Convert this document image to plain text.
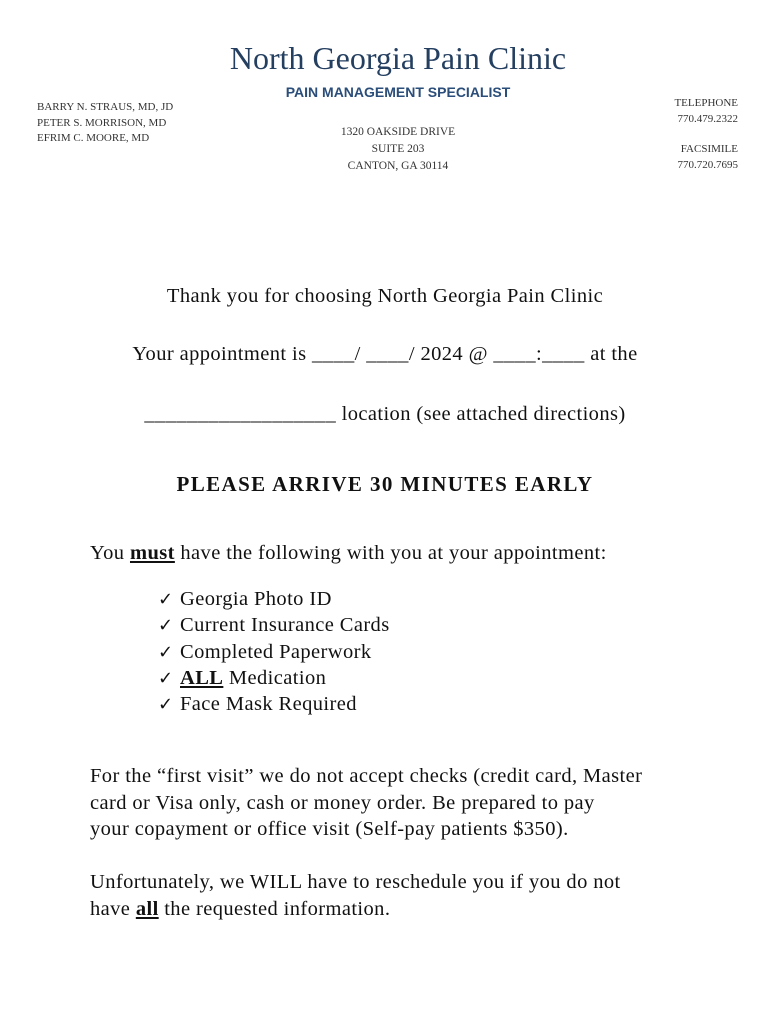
North Georgia Pain Clinic
PAIN MANAGEMENT SPECIALIST
BARRY N. STRAUS, MD, JD
PETER S. MORRISON, MD
EFRIM C. MOORE, MD	1320 OAKSIDE DRIVE
SUITE 203
CANTON, GA 30114
TELEPHONE
770.479.2322
FACSIMILE
770.720.7695
Thank you for choosing North Georgia Pain Clinic
Your appointment is ____/ ____/ 2024 @ ____:____ at the
__________________ location (see attached directions)
PLEASE ARRIVE 30 MINUTES EARLY
You must have the following with you at your appointment:
✓ Georgia Photo ID
✓ Current Insurance Cards
✓ Completed Paperwork
✓ ALL Medication
✓ Face Mask Required
For the “first visit” we do not accept checks (credit card, Master
card or Visa only, cash or money order. Be prepared to pay
your copayment or office visit (Self-pay patients $350).
Unfortunately, we WILL have to reschedule you if you do not
have all the requested information.
